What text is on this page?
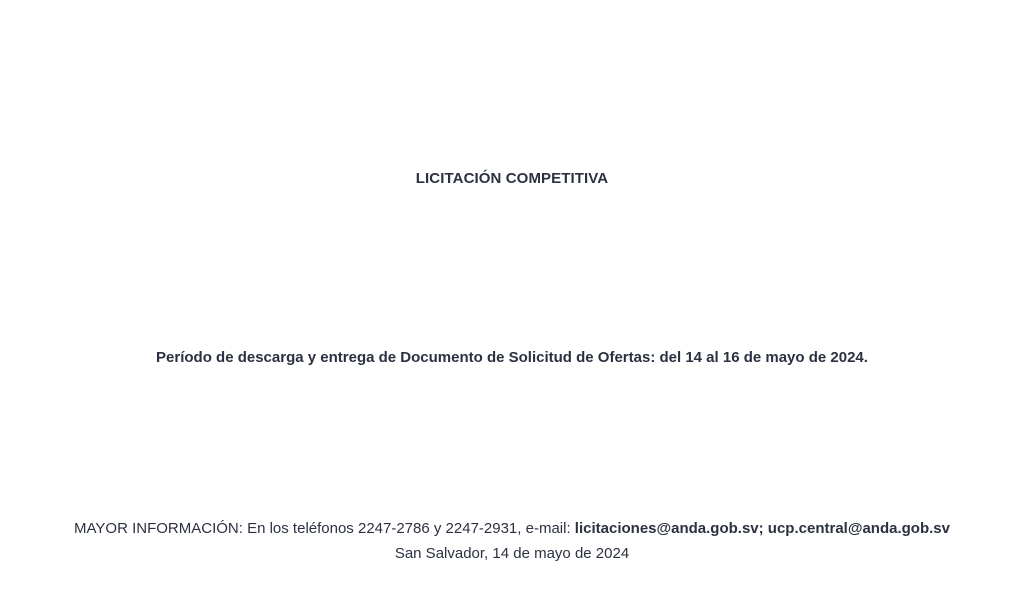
LICITACIÓN COMPETITIVA
Período de descarga y entrega de Documento de Solicitud de Ofertas: del 14 al 16 de mayo de 2024.
MAYOR INFORMACIÓN: En los teléfonos 2247-2786 y 2247-2931, e-mail: licitaciones@anda.gob.sv; ucp.central@anda.gob.sv
San Salvador, 14 de mayo de 2024
